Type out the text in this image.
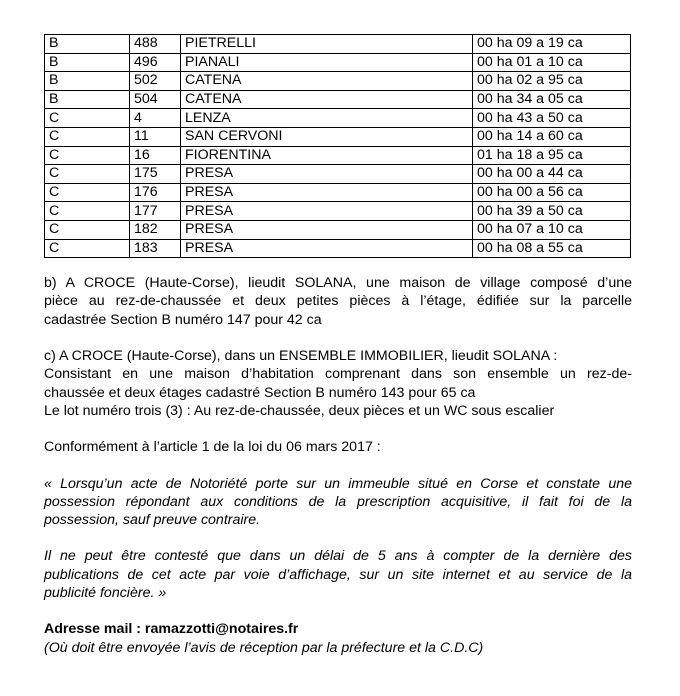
B	488	PIETRELLI	00 ha 09 a 19 ca
B	496	PIANALI	00 ha 01 a 10 ca
B	502	CATENA	00 ha 02 a 95 ca
B	504	CATENA	00 ha 34 a 05 ca
C	4	LENZA	00 ha 43 a 50 ca
C	11	SAN CERVONI	00 ha 14 a 60 ca
C	16	FIORENTINA	01 ha 18 a 95 ca
C	175	PRESA	00 ha 00 a 44 ca
C	176	PRESA	00 ha 00 a 56 ca
C	177	PRESA	00 ha 39 a 50 ca
C	182	PRESA	00 ha 07 a 10 ca
C	183	PRESA	00 ha 08 a 55 ca

b) A CROCE (Haute-Corse), lieudit SOLANA, une maison de village composé d’une
pièce au rez-de-chaussée et deux petites pièces à l’étage, édifiée sur la parcelle
cadastrée Section B numéro 147 pour 42 ca

c) A CROCE (Haute-Corse), dans un ENSEMBLE IMMOBILIER, lieudit SOLANA :
Consistant en une maison d’habitation comprenant dans son ensemble un rez-de-
chaussée et deux étages cadastré Section B numéro 143 pour 65 ca
Le lot numéro trois (3) : Au rez-de-chaussée, deux pièces et un WC sous escalier

Conformément à l’article 1 de la loi du 06 mars 2017 :

« Lorsqu’un acte de Notoriété porte sur un immeuble situé en Corse et constate une
possession répondant aux conditions de la prescription acquisitive, il fait foi de la
possession, sauf preuve contraire.

Il ne peut être contesté que dans un délai de 5 ans à compter de la dernière des
publications de cet acte par voie d’affichage, sur un site internet et au service de la
publicité foncière. »

Adresse mail : ramazzotti@notaires.fr
(Où doit être envoyée l’avis de réception par la préfecture et la C.D.C)
